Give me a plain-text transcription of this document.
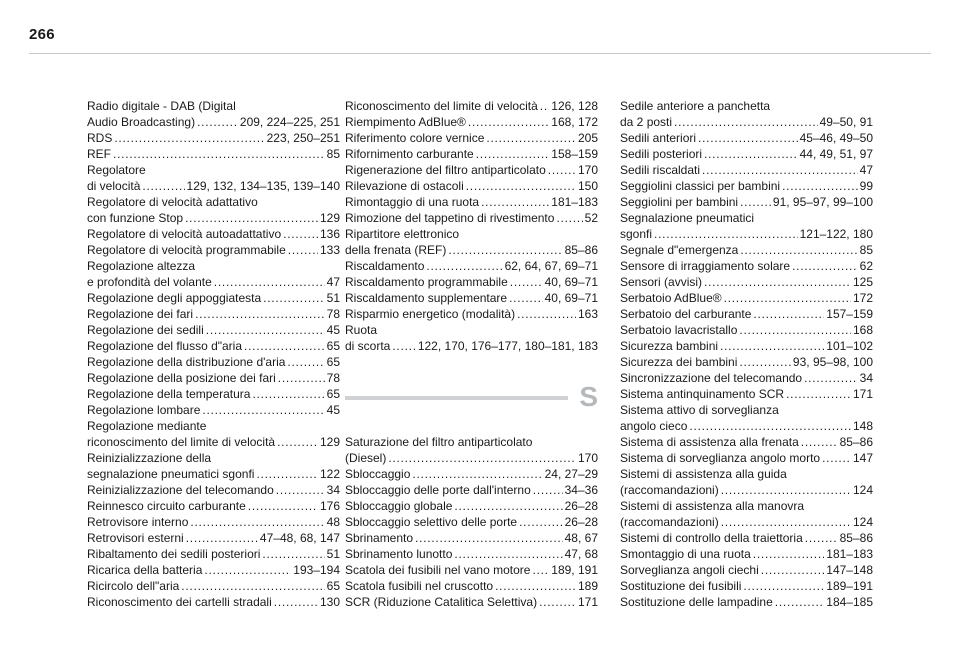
266
Radio digitale - DAB (Digital
Audio Broadcasting) . . .	209, 224–225, 251
RDS . . .	223, 250–251
REF . . .	85
Regolatore
di velocità . . .	129, 132, 134–135, 139–140
Regolatore di velocità adattativo
con funzione Stop . . .	129
Regolatore di velocità autoadattativo . . .	136
Regolatore di velocità programmabile . . .	133
Regolazione altezza
e profondità del volante . . .	47
Regolazione degli appoggiatesta . . .	51
Regolazione dei fari . . .	78
Regolazione dei sedili . . .	45
Regolazione del flusso d"aria . . .	65
Regolazione della distribuzione d'aria . . .	65
Regolazione della posizione dei fari . . .	78
Regolazione della temperatura . . .	65
Regolazione lombare . . .	45
Regolazione mediante
riconoscimento del limite di velocità . . .	129
Reinizializzazione della
segnalazione pneumatici sgonfi . . .	122
Reinizializzazione del telecomando . . .	34
Reinnesco circuito carburante . . .	176
Retrovisore interno . . .	48
Retrovisori esterni . . .	47–48, 68, 147
Ribaltamento dei sedili posteriori . . .	51
Ricarica della batteria . . .	193–194
Ricircolo dell"aria . . .	65
Riconoscimento dei cartelli stradali . . .	130
Riconoscimento del limite di velocità . . . 126, 128
Riempimento AdBlue® . . .	168, 172
Riferimento colore vernice . . .	205
Rifornimento carburante . . .	158–159
Rigenerazione del filtro antiparticolato . . .	170
Rilevazione di ostacoli . . .	150
Rimontaggio di una ruota . . .	181–183
Rimozione del tappetino di rivestimento . . .	52
Ripartitore elettronico
della frenata (REF) . . .	85–86
Riscaldamento . . .	62, 64, 67, 69–71
Riscaldamento programmabile . . .	40, 69–71
Riscaldamento supplementare . . .	40, 69–71
Risparmio energetico (modalità) . . .	163
Ruota
di scorta . . . 122, 170, 176–177, 180–181, 183
S
Saturazione del filtro antiparticolato
(Diesel) . . .	170
Sbloccaggio . . .	24, 27–29
Sbloccaggio delle porte dall'interno . . .	34–36
Sbloccaggio globale . . .	26–28
Sbloccaggio selettivo delle porte . . .	26–28
Sbrinamento . . .	48, 67
Sbrinamento lunotto . . .	47, 68
Scatola dei fusibili nel vano motore . . . 189, 191
Scatola fusibili nel cruscotto . . .	189
SCR (Riduzione Catalitica Selettiva) . . .	171
Sedile anteriore a panchetta
da 2 posti . . .	49–50, 91
Sedili anteriori . . .	45–46, 49–50
Sedili posteriori . . .	44, 49, 51, 97
Sedili riscaldati . . .	47
Seggiolini classici per bambini . . .	99
Seggiolini per bambini . . .	91, 95–97, 99–100
Segnalazione pneumatici
sgonfi . . .	121–122, 180
Segnale d"emergenza . . .	85
Sensore di irraggiamento solare . . .	62
Sensori (avvisi) . . .	125
Serbatoio AdBlue® . . .	172
Serbatoio del carburante . . .	157–159
Serbatoio lavacristallo . . .	168
Sicurezza bambini . . .	101–102
Sicurezza dei bambini . . .	93, 95–98, 100
Sincronizzazione del telecomando . . .	34
Sistema antinquinamento SCR . . .	171
Sistema attivo di sorveglianza
angolo cieco . . .	148
Sistema di assistenza alla frenata . . .	85–86
Sistema di sorveglianza angolo morto . . .	147
Sistemi di assistenza alla guida
(raccomandazioni) . . .	124
Sistemi di assistenza alla manovra
(raccomandazioni) . . .	124
Sistemi di controllo della traiettoria . . .	85–86
Smontaggio di una ruota . . .	181–183
Sorveglianza angoli ciechi . . .	147–148
Sostituzione dei fusibili . . .	189–191
Sostituzione delle lampadine . . .	184–185
